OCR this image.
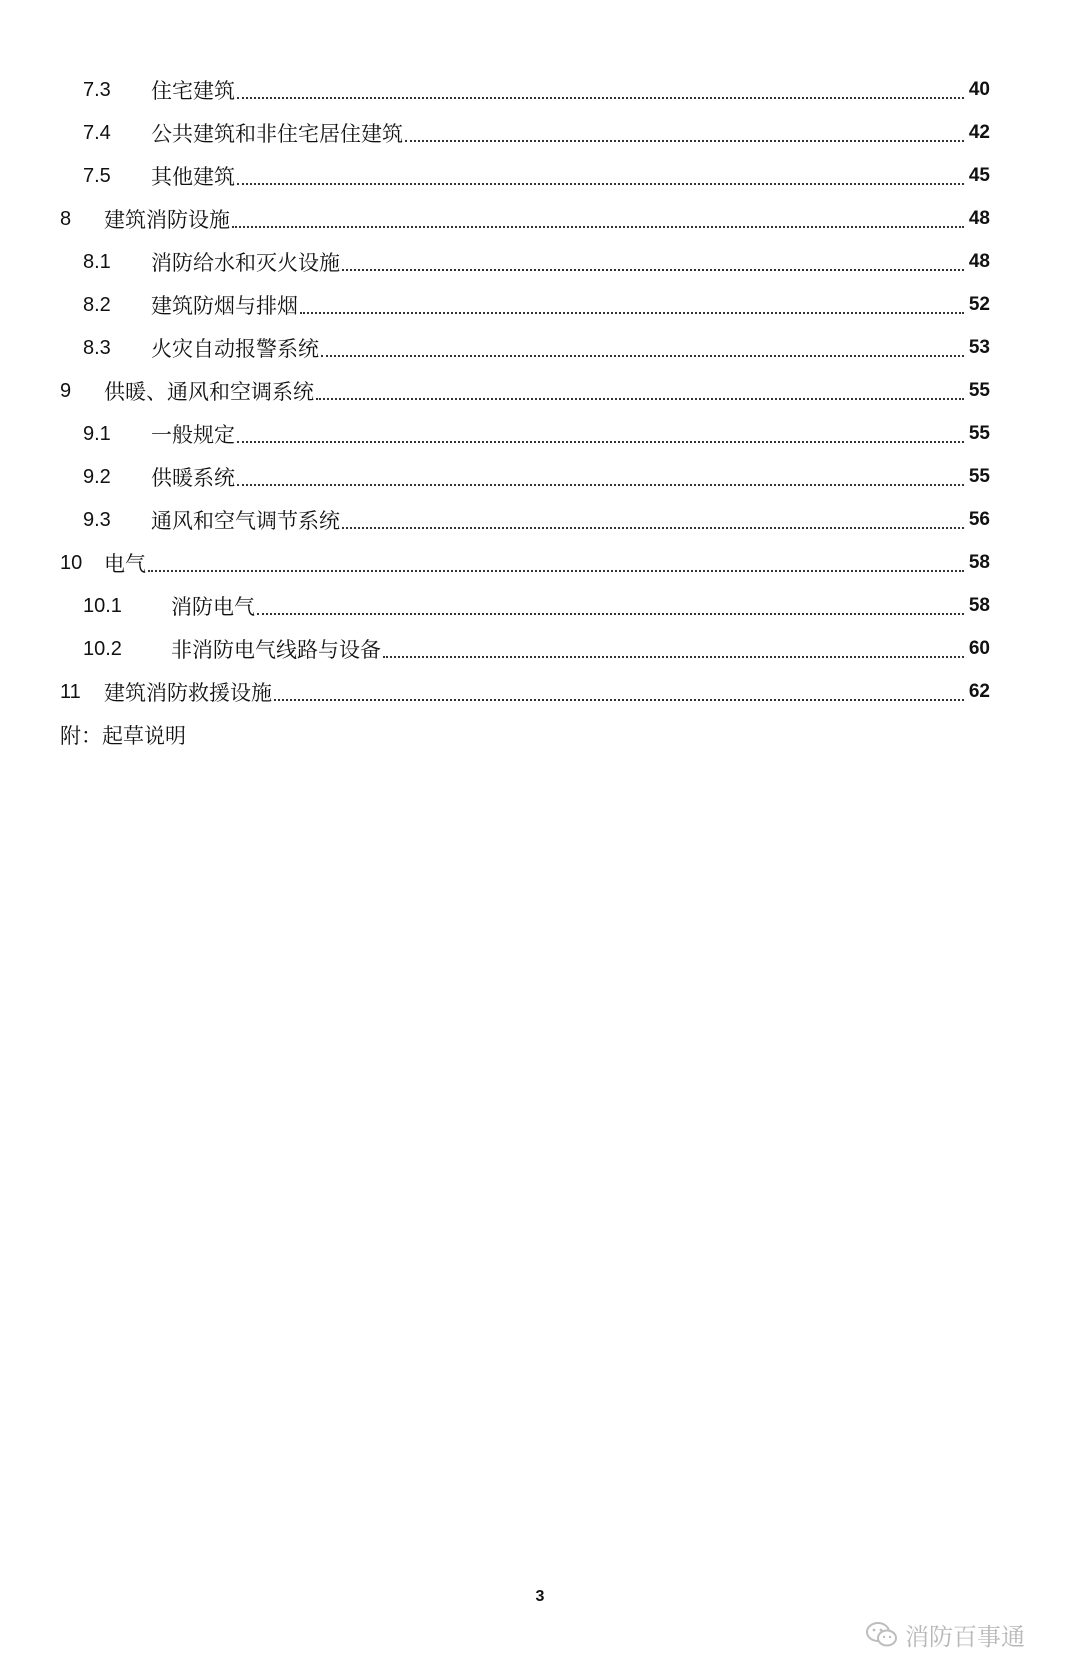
7.3	住宅建筑	40
7.4	公共建筑和非住宅居住建筑	42
7.5	其他建筑	45
8	建筑消防设施	48
8.1	消防给水和灭火设施	48
8.2	建筑防烟与排烟	52
8.3	火灾自动报警系统	53
9	供暖、通风和空调系统	55
9.1	一般规定	55
9.2	供暖系统	55
9.3	通风和空气调节系统	56
10	电气	58
10.1	消防电气	58
10.2	非消防电气线路与设备	60
11	建筑消防救援设施	62
附：起草说明
3
消防百事通
